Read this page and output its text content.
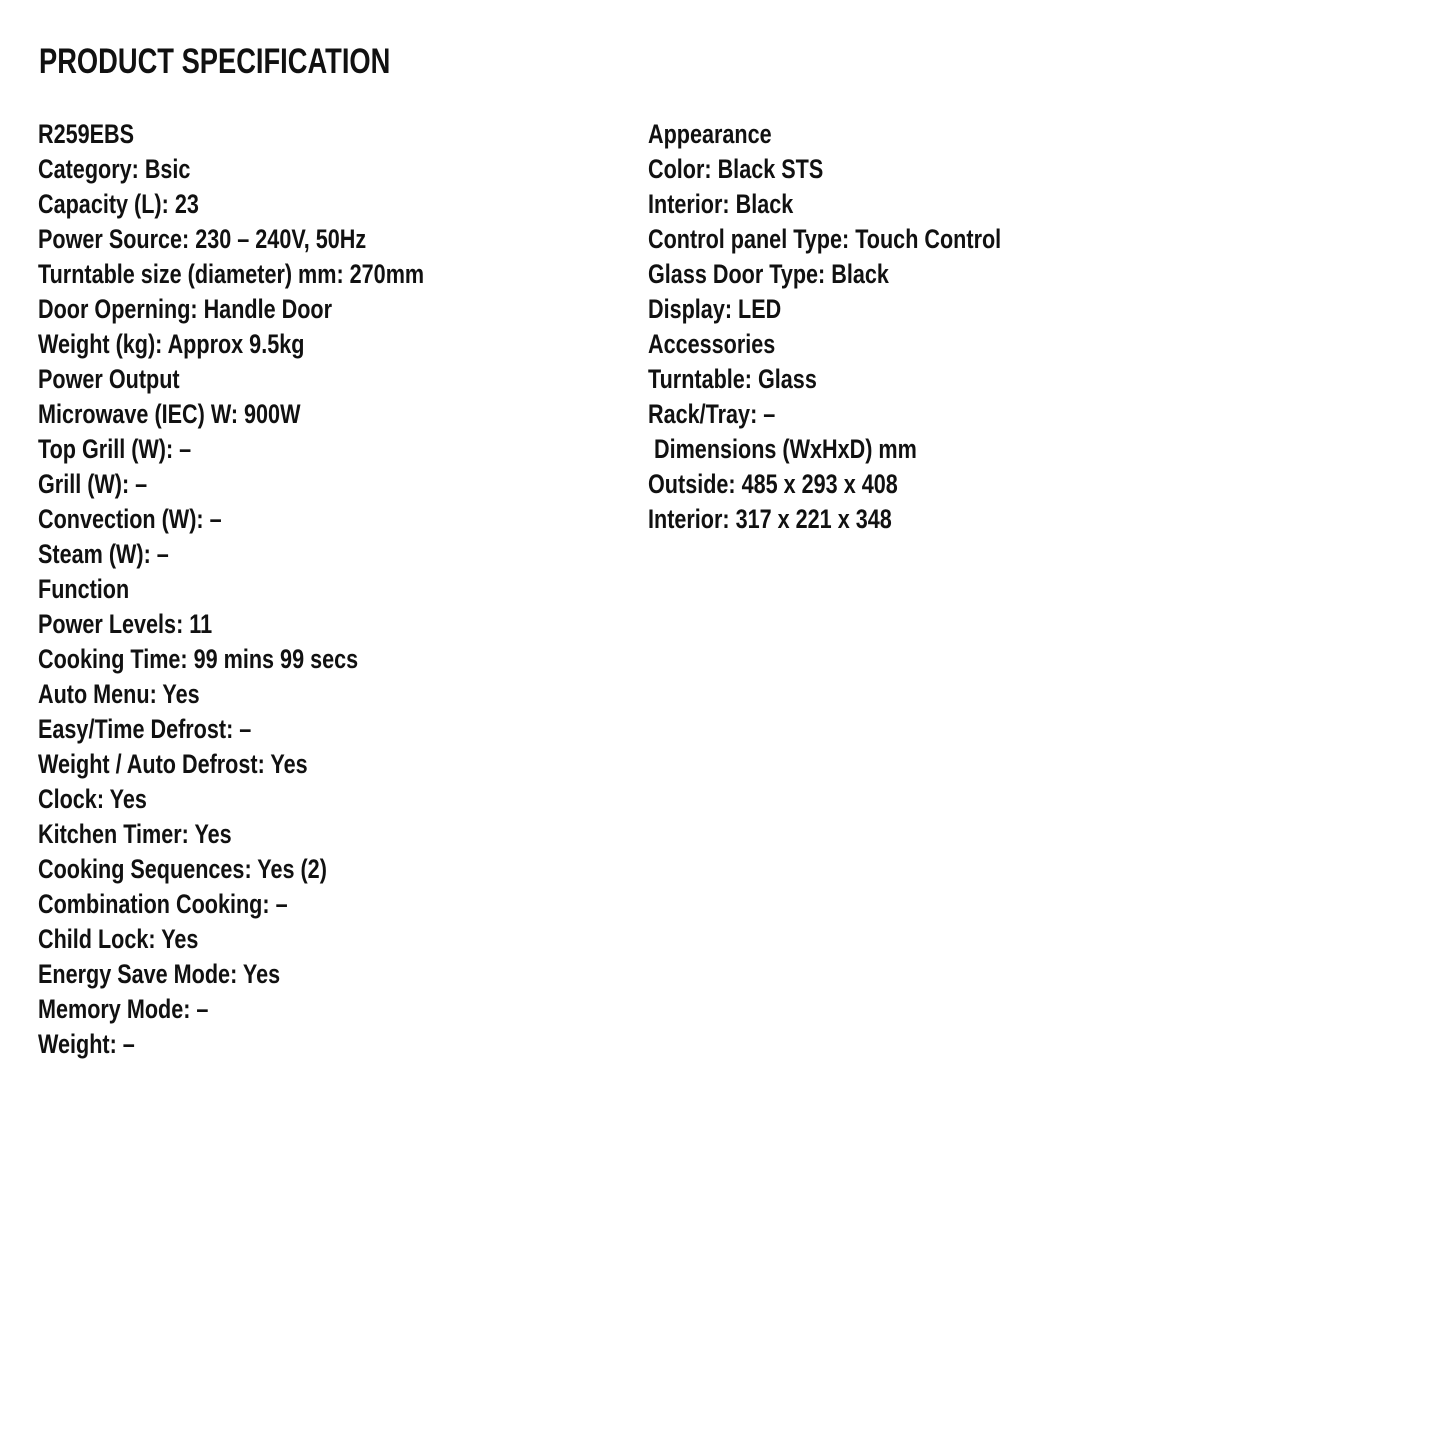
PRODUCT SPECIFICATION
R259EBS
Category: Bsic
Capacity (L): 23
Power Source: 230 – 240V, 50Hz
Turntable size (diameter) mm: 270mm
Door Operning: Handle Door
Weight (kg): Approx 9.5kg
Power Output
Microwave (IEC) W: 900W
Top Grill (W): –
Grill (W): –
Convection (W): –
Steam (W): –
Function
Power Levels: 11
Cooking Time: 99 mins 99 secs
Auto Menu: Yes
Easy/Time Defrost: –
Weight / Auto Defrost: Yes
Clock: Yes
Kitchen Timer: Yes
Cooking Sequences: Yes (2)
Combination Cooking: –
Child Lock: Yes
Energy Save Mode: Yes
Memory Mode: –
Weight: –
Appearance
Color: Black STS
Interior: Black
Control panel Type: Touch Control
Glass Door Type: Black
Display: LED
Accessories
Turntable: Glass
Rack/Tray: –
Dimensions (WxHxD) mm
Outside: 485 x 293 x 408
Interior: 317 x 221 x 348
